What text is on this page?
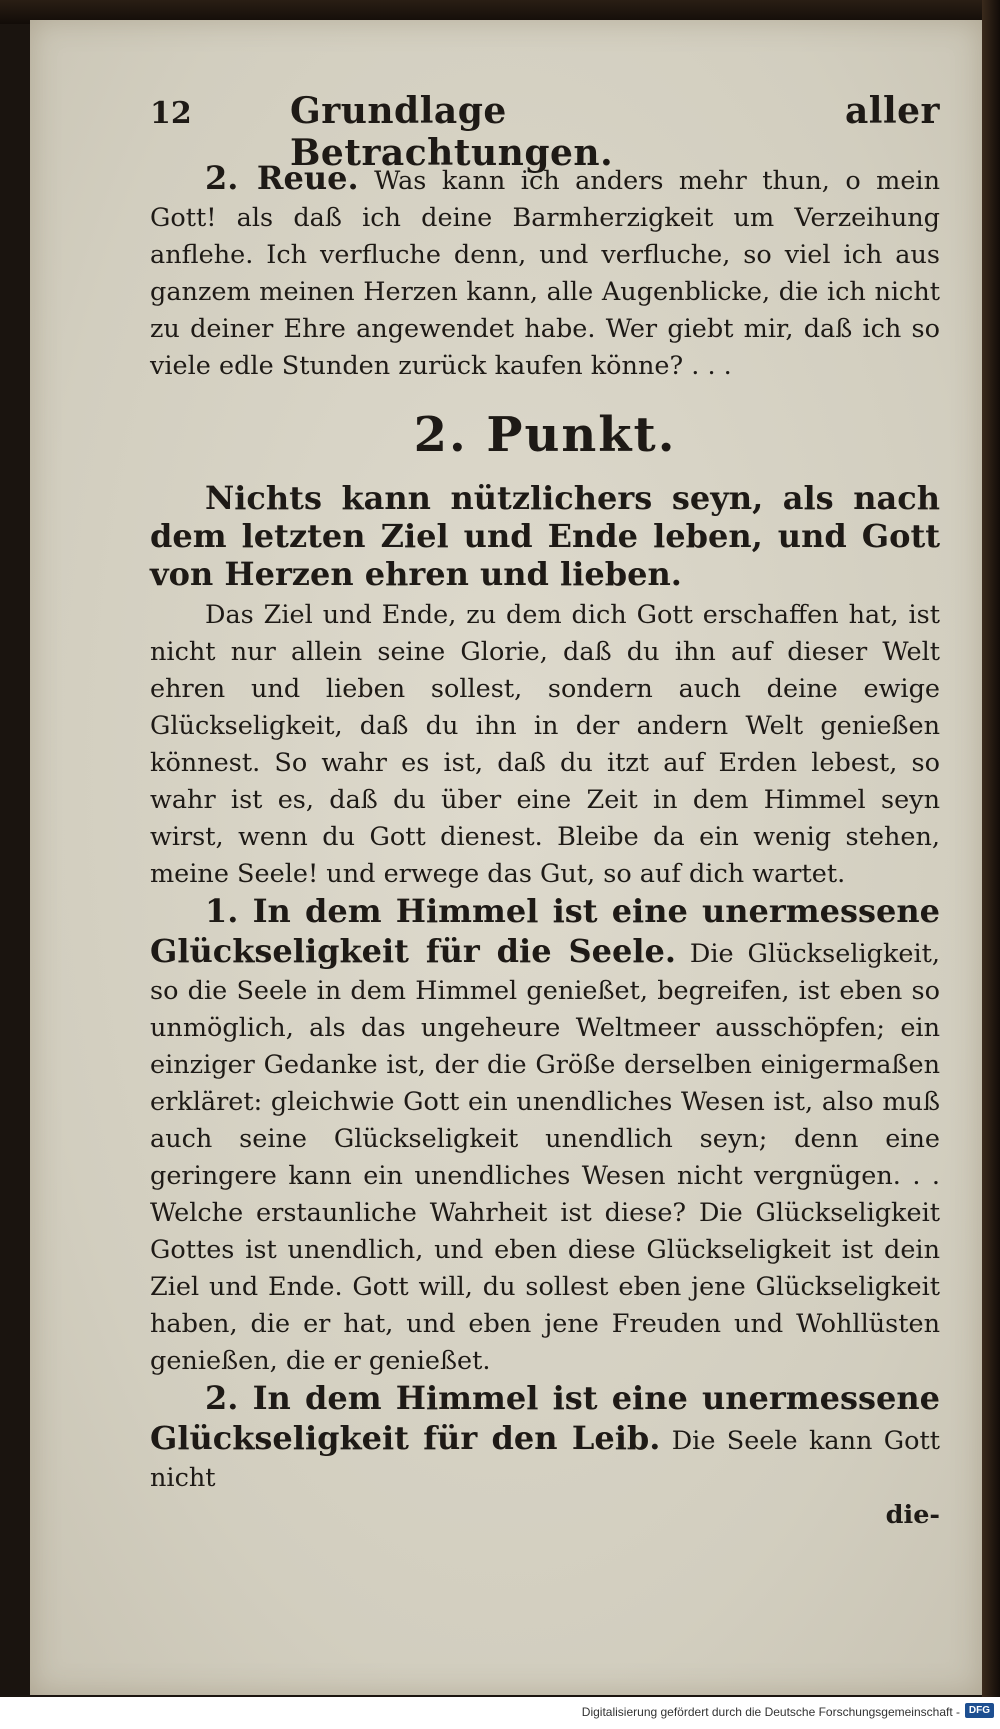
12	Grundlage aller Betrachtungen.

2. Reue. Was kann ich anders mehr thun, o mein Gott! als daß ich deine Barmherzigkeit um Verzeihung anflehe. Ich verfluche denn, und verfluche, so viel ich aus ganzem meinen Herzen kann, alle Augenblicke, die ich nicht zu deiner Ehre angewendet habe. Wer giebt mir, daß ich so viele edle Stunden zurück kaufen könne? . . .

2. Punkt.

Nichts kann nützlichers seyn, als nach dem letzten Ziel und Ende leben, und Gott von Herzen ehren und lieben.

Das Ziel und Ende, zu dem dich Gott erschaffen hat, ist nicht nur allein seine Glorie, daß du ihn auf dieser Welt ehren und lieben sollest, sondern auch deine ewige Glückseligkeit, daß du ihn in der andern Welt genießen könnest. So wahr es ist, daß du itzt auf Erden lebest, so wahr ist es, daß du über eine Zeit in dem Himmel seyn wirst, wenn du Gott dienest. Bleibe da ein wenig stehen, meine Seele! und erwege das Gut, so auf dich wartet.

1. In dem Himmel ist eine unermessene Glückseligkeit für die Seele. Die Glückseligkeit, so die Seele in dem Himmel genießet, begreifen, ist eben so unmöglich, als das ungeheure Weltmeer ausschöpfen; ein einziger Gedanke ist, der die Größe derselben einigermaßen erkläret: gleichwie Gott ein unendliches Wesen ist, also muß auch seine Glückseligkeit unendlich seyn; denn eine geringere kann ein unendliches Wesen nicht vergnügen. . . Welche erstaunliche Wahrheit ist diese? Die Glückseligkeit Gottes ist unendlich, und eben diese Glückseligkeit ist dein Ziel und Ende. Gott will, du sollest eben jene Glückseligkeit haben, die er hat, und eben jene Freuden und Wohllüsten genießen, die er genießet.

2. In dem Himmel ist eine unermessene Glückseligkeit für den Leib. Die Seele kann Gott nicht

die-

Digitalisierung gefördert durch die Deutsche Forschungsgemeinschaft - DFG
